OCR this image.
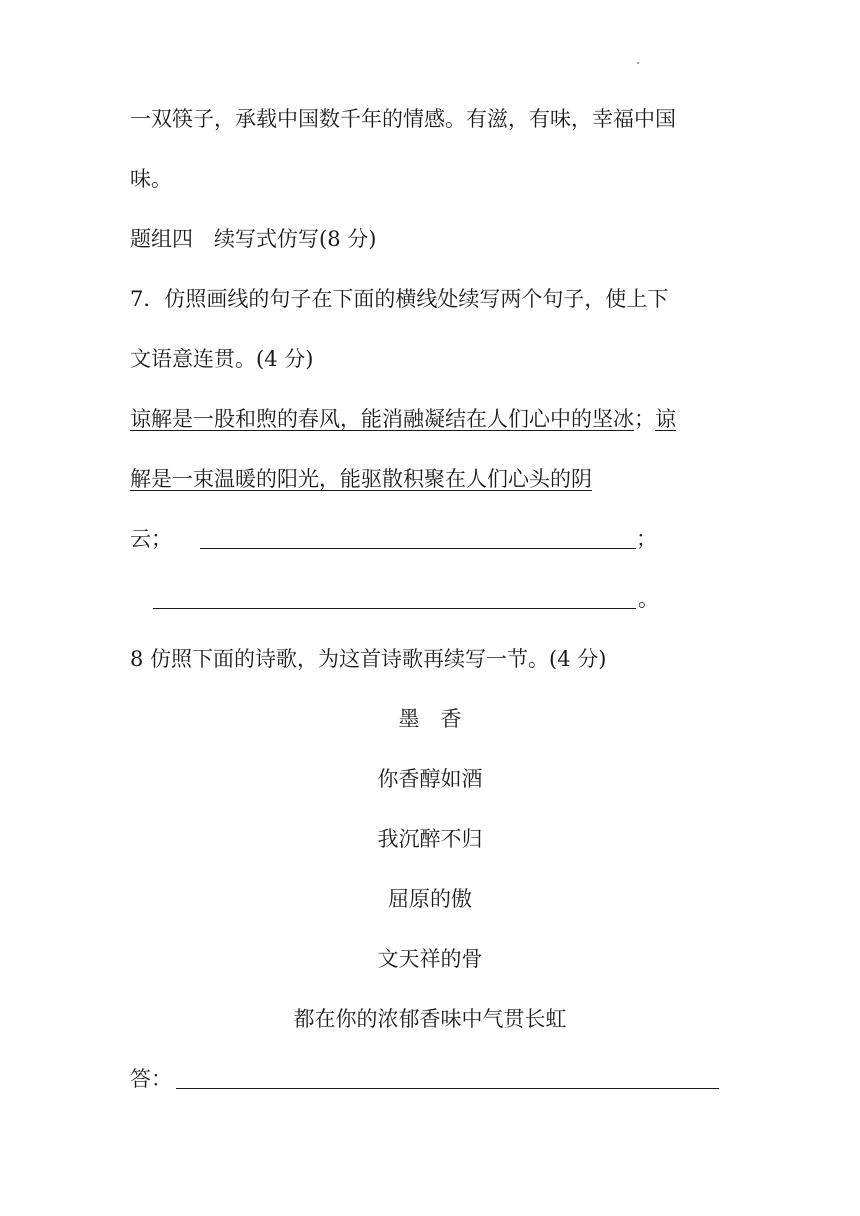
一双筷子，承载中国数千年的情感。有滋，有味，幸福中国
味。
题组四　续写式仿写(8 分)
7．仿照画线的句子在下面的横线处续写两个句子，使上下
文语意连贯。(4 分)
谅解是一股和煦的春风，能消融凝结在人们心中的坚冰；谅
解是一束温暖的阳光，能驱散积聚在人们心头的阴
云；	；
。
8 仿照下面的诗歌，为这首诗歌再续写一节。(4 分)
墨　香
你香醇如酒
我沉醉不归
屈原的傲
文天祥的骨
都在你的浓郁香味中气贯长虹
答：
